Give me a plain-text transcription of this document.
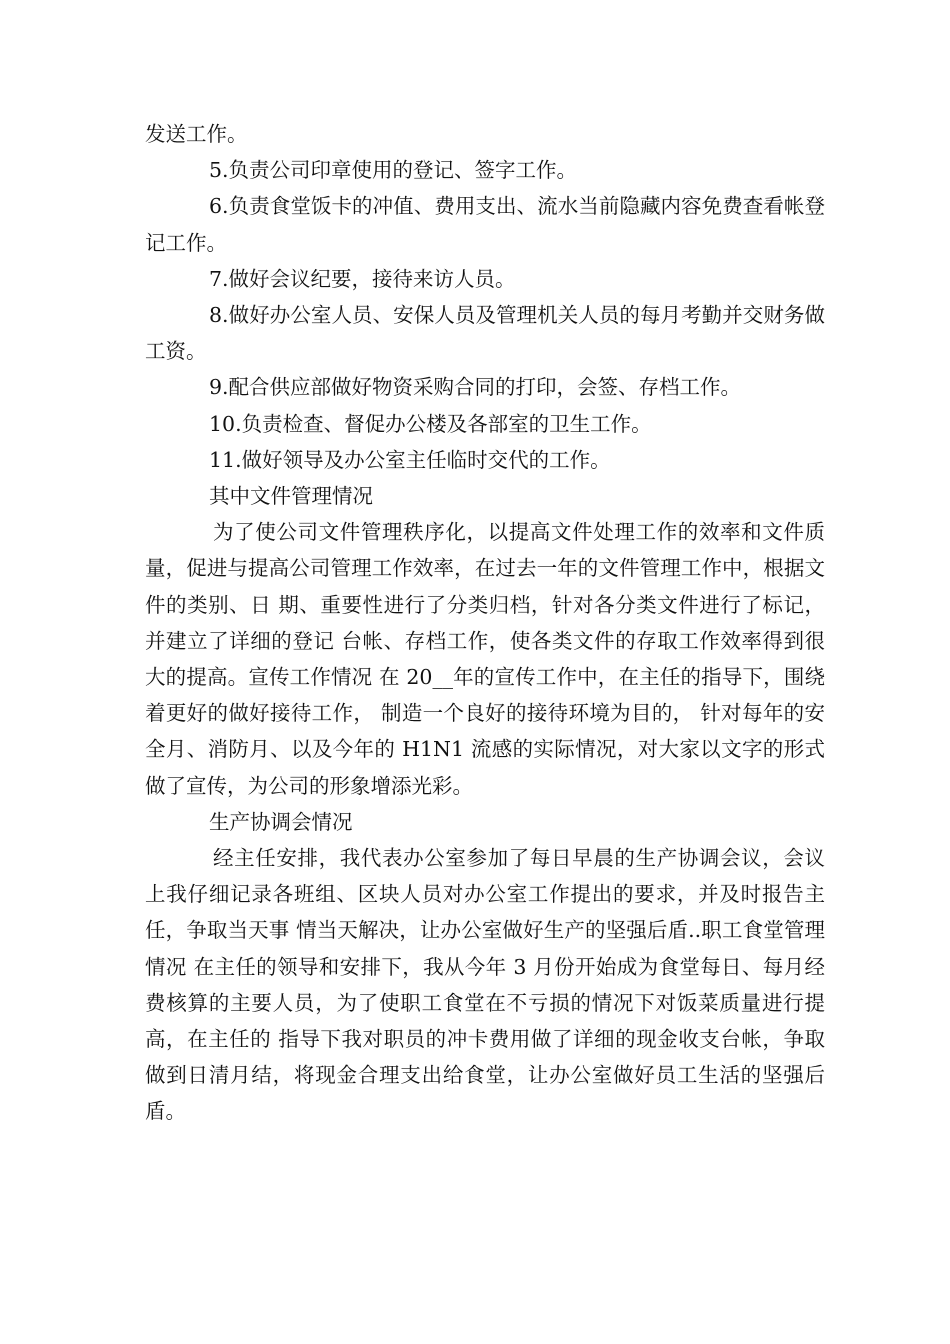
发送工作。

5.负责公司印章使用的登记、签字工作。

6.负责食堂饭卡的冲值、费用支出、流水当前隐藏内容免费查看帐登记工作。

7.做好会议纪要，接待来访人员。

8.做好办公室人员、安保人员及管理机关人员的每月考勤并交财务做工资。

9.配合供应部做好物资采购合同的打印，会签、存档工作。

10.负责检查、督促办公楼及各部室的卫生工作。

11.做好领导及办公室主任临时交代的工作。

其中文件管理情况

为了使公司文件管理秩序化，以提高文件处理工作的效率和文件质量，促进与提高公司管理工作效率，在过去一年的文件管理工作中，根据文件的类别、日 期、重要性进行了分类归档，针对各分类文件进行了标记，并建立了详细的登记 台帐、存档工作，使各类文件的存取工作效率得到很大的提高。宣传工作情况 在 20__年的宣传工作中，在主任的指导下，围绕着更好的做好接待工作， 制造一个良好的接待环境为目的， 针对每年的安全月、消防月、以及今年的 H1N1 流感的实际情况，对大家以文字的形式做了宣传，为公司的形象增添光彩。

生产协调会情况

经主任安排，我代表办公室参加了每日早晨的生产协调会议，会议上我仔细记录各班组、区块人员对办公室工作提出的要求，并及时报告主任，争取当天事 情当天解决，让办公室做好生产的坚强后盾..职工食堂管理情况 在主任的领导和安排下，我从今年 3 月份开始成为食堂每日、每月经费核算的主要人员，为了使职工食堂在不亏损的情况下对饭菜质量进行提高，在主任的 指导下我对职员的冲卡费用做了详细的现金收支台帐，争取做到日清月结，将现金合理支出给食堂，让办公室做好员工生活的坚强后盾。
